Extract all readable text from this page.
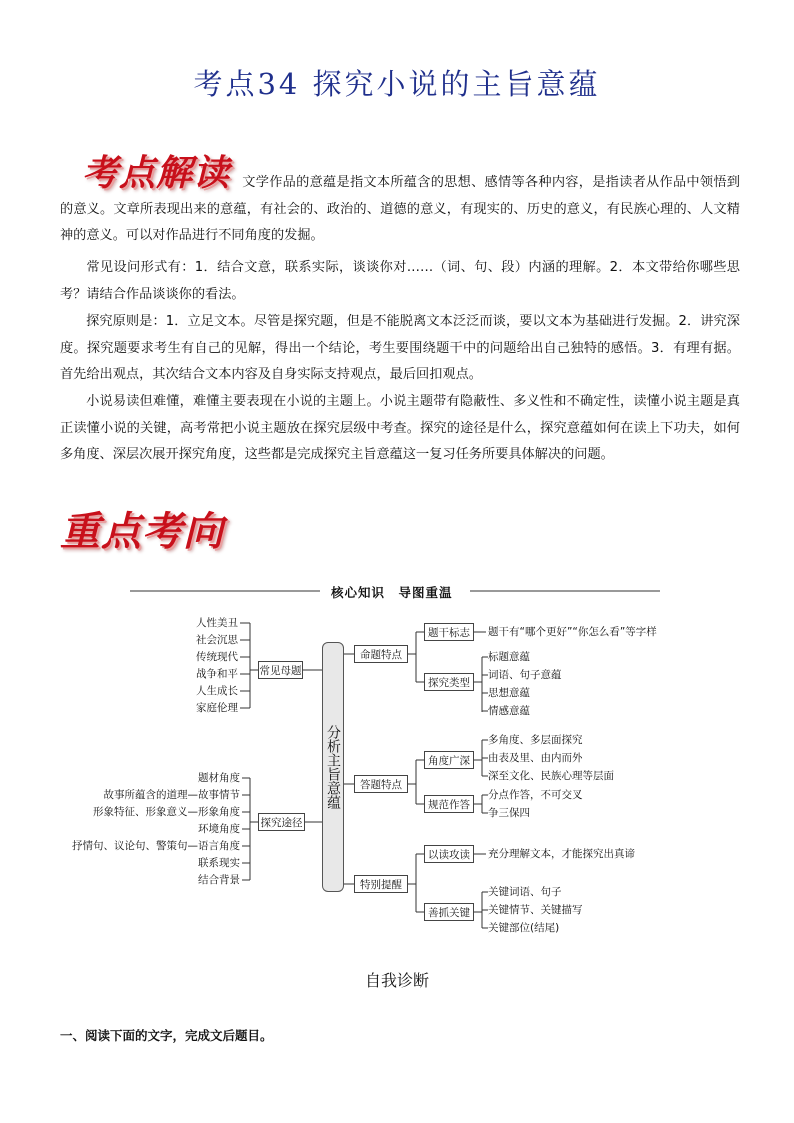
考点34 探究小说的主旨意蕴
考点解读 文学作品的意蕴是指文本所蕴含的思想、感情等各种内容，是指读者从作品中领悟到的意义。文章所表现出来的意蕴，有社会的、政治的、道德的意义，有现实的、历史的意义，有民族心理的、人文精神的意义。可以对作品进行不同角度的发掘。

常见设问形式有：1．结合文意，联系实际，谈谈你对……（词、句、段）内涵的理解。2．本文带给你哪些思考？请结合作品谈谈你的看法。

探究原则是：1．立足文本。尽管是探究题，但是不能脱离文本泛泛而谈，要以文本为基础进行发掘。2．讲究深度。探究题要求考生有自己的见解，得出一个结论，考生要围绕题干中的问题给出自己独特的感悟。3．有理有据。首先给出观点，其次结合文本内容及自身实际支持观点，最后回扣观点。

小说易读但难懂，难懂主要表现在小说的主题上。小说主题带有隐蔽性、多义性和不确定性，读懂小说主题是真正读懂小说的关键，高考常把小说主题放在探究层级中考查。探究的途径是什么，探究意蕴如何在读上下功夫，如何多角度、深层次展开探究角度，这些都是完成探究主旨意蕴这一复习任务所要具体解决的问题。

重点考向
核心知识　导图重温
分析主旨意蕴
人性美丑
社会沉思
传统现代
战争和平
人生成长
家庭伦理
常见母题
题材角度
故事所蕴含的道理—故事情节
形象特征、形象意义—形象角度
环境角度
抒情句、议论句、警策句—语言角度
联系现实
结合背景
探究途径
命题特点
题干标志	题干有“哪个更好”“你怎么看”等字样
探究类型
标题意蕴
词语、句子意蕴
思想意蕴
情感意蕴
答题特点
角度广深
多角度、多层面探究
由表及里、由内而外
深至文化、民族心理等层面
规范作答
分点作答，不可交叉
争三保四
特别提醒
以读攻读	充分理解文本，才能探究出真谛
善抓关键
关键词语、句子
关键情节、关键描写
关键部位(结尾)
自我诊断
一、阅读下面的文字，完成文后题目。
